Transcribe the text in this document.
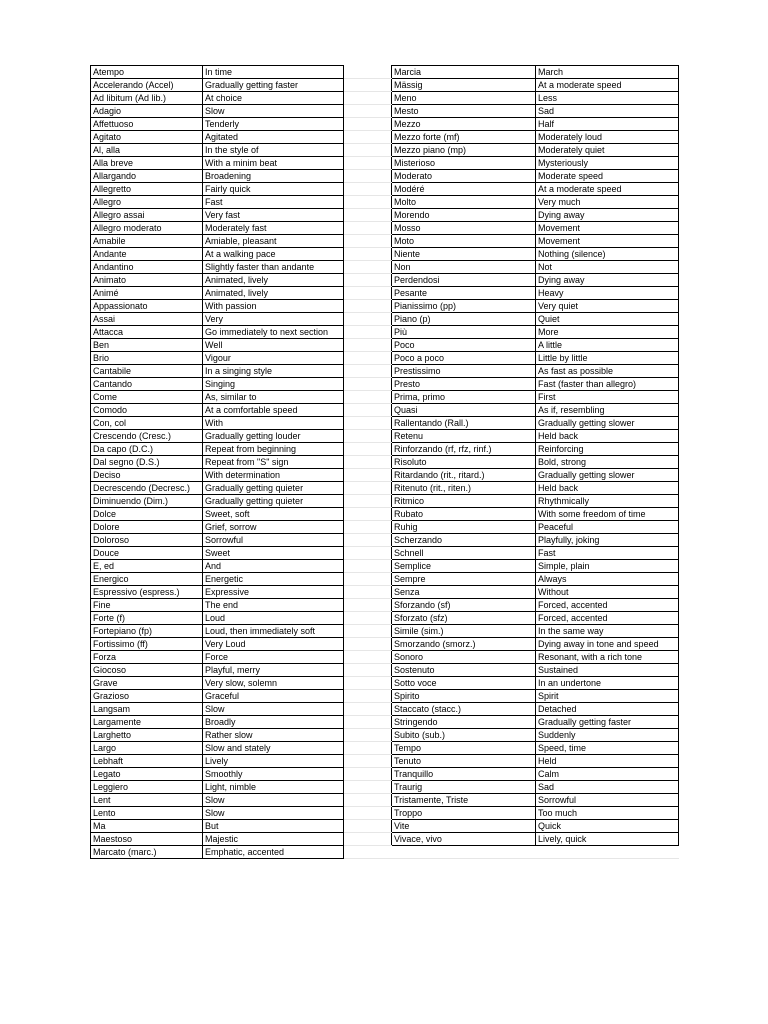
Atempo	In time		Marcia	March
Accelerando (Accel)	Gradually getting faster		Mässig	At a moderate speed
Ad libitum (Ad lib.)	At choice		Meno	Less
Adagio	Slow		Mesto	Sad
Affettuoso	Tenderly		Mezzo	Half
Agitato	Agitated		Mezzo forte (mf)	Moderately loud
Al, alla	In the style of		Mezzo piano (mp)	Moderately quiet
Alla breve	With a minim beat		Misterioso	Mysteriously
Allargando	Broadening		Moderato	Moderate speed
Allegretto	Fairly quick		Modéré	At a moderate speed
Allegro	Fast		Molto	Very much
Allegro assai	Very fast		Morendo	Dying away
Allegro moderato	Moderately fast		Mosso	Movement
Amabile	Amiable, pleasant		Moto	Movement
Andante	At a walking pace		Niente	Nothing (silence)
Andantino	Slightly faster than andante		Non	Not
Animato	Animated, lively		Perdendosi	Dying away
Animé	Animated, lively		Pesante	Heavy
Appassionato	With passion		Pianissimo (pp)	Very quiet
Assai	Very		Piano (p)	Quiet
Attacca	Go immediately to next section		Più	More
Ben	Well		Poco	A little
Brio	Vigour		Poco a poco	Little by little
Cantabile	In a singing style		Prestissimo	As fast as possible
Cantando	Singing		Presto	Fast (faster than allegro)
Come	As, similar to		Prima, primo	First
Comodo	At a comfortable speed		Quasi	As if, resembling
Con, col	With		Rallentando (Rall.)	Gradually getting slower
Crescendo (Cresc.)	Gradually getting louder		Retenu	Held back
Da capo (D.C.)	Repeat from beginning		Rinforzando (rf, rfz, rinf.)	Reinforcing
Dal segno (D.S.)	Repeat from "S" sign		Risoluto	Bold, strong
Deciso	With determination		Ritardando (rit., ritard.)	Gradually getting slower
Decrescendo (Decresc.)	Gradually getting quieter		Ritenuto (rit., riten.)	Held back
Diminuendo (Dim.)	Gradually getting quieter		Ritmico	Rhythmically
Dolce	Sweet, soft		Rubato	With some freedom of time
Dolore	Grief, sorrow		Ruhig	Peaceful
Doloroso	Sorrowful		Scherzando	Playfully, joking
Douce	Sweet		Schnell	Fast
E, ed	And		Semplice	Simple, plain
Energico	Energetic		Sempre	Always
Espressivo (espress.)	Expressive		Senza	Without
Fine	The end		Sforzando (sf)	Forced, accented
Forte (f)	Loud		Sforzato (sfz)	Forced, accented
Fortepiano (fp)	Loud, then immediately soft		Simile (sim.)	In the same way
Fortissimo (ff)	Very Loud		Smorzando (smorz.)	Dying away in tone and speed
Forza	Force		Sonoro	Resonant, with a rich tone
Giocoso	Playful, merry		Sostenuto	Sustained
Grave	Very slow, solemn		Sotto voce	In an undertone
Grazioso	Graceful		Spirito	Spirit
Langsam	Slow		Staccato (stacc.)	Detached
Largamente	Broadly		Stringendo	Gradually getting faster
Larghetto	Rather slow		Subito (sub.)	Suddenly
Largo	Slow and stately		Tempo	Speed, time
Lebhaft	Lively		Tenuto	Held
Legato	Smoothly		Tranquillo	Calm
Leggiero	Light, nimble		Traurig	Sad
Lent	Slow		Tristamente, Triste	Sorrowful
Lento	Slow		Troppo	Too much
Ma	But		Vite	Quick
Maestoso	Majestic		Vivace, vivo	Lively, quick
Marcato (marc.)	Emphatic, accented			
